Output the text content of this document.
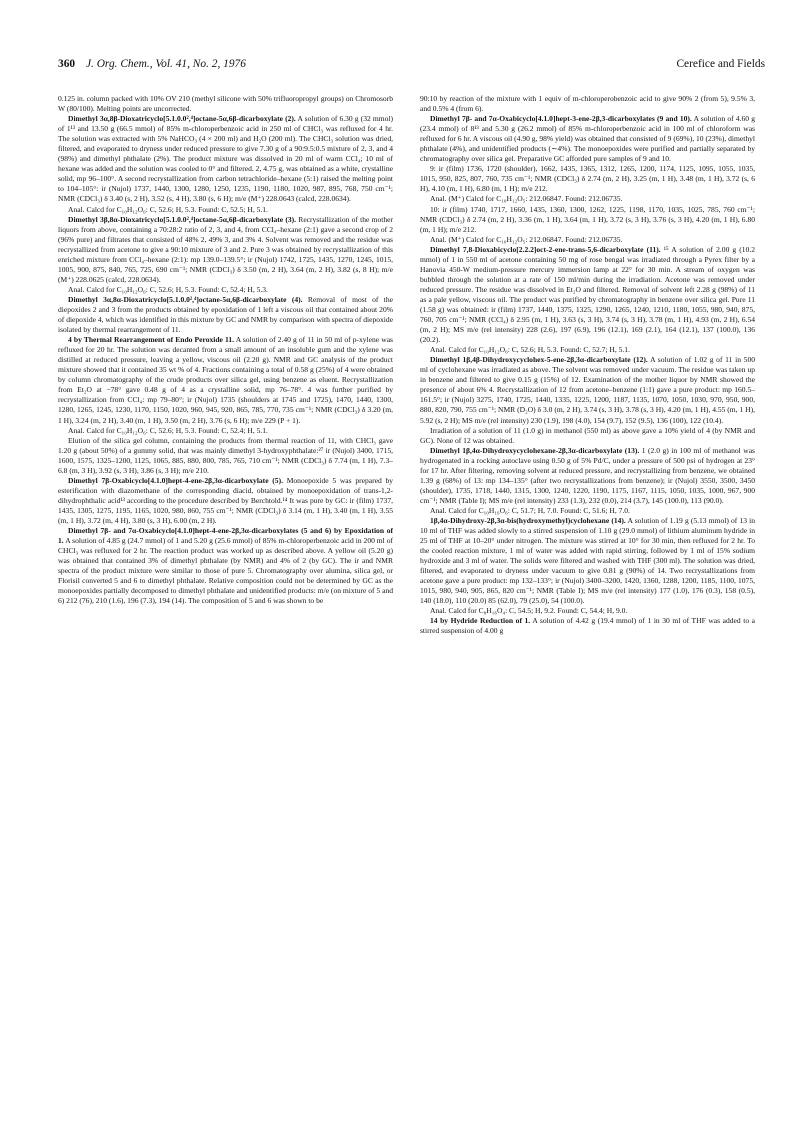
360 J. Org. Chem., Vol. 41, No. 2, 1976	Cerefice and Fields

0.125 in. column packed with 10% OV 210 (methyl silicone with 50% trifluoropropyl groups) on Chromosorb W (80/100). Melting points are uncorrected.

Dimethyl 3α,8β-Dioxatricyclo[5.1.0.0²,⁴]octane-5α,6β-dicarboxylate (2). A solution of 6.30 g (32 mmol) of 1¹³ and 13.50 g (66.5 mmol) of 85% m-chloroperbenzoic acid in 250 ml of CHCl₃ was refluxed for 4 hr. The solution was extracted with 5% NaHCO₃ (4 × 200 ml) and H₂O (200 ml). The CHCl₃ solution was dried, filtered, and evaporated to dryness under reduced pressure to give 7.30 g of a 90:9.5:0.5 mixture of 2, 3, and 4 (98%) and dimethyl phthalate (2%). The product mixture was dissolved in 20 ml of warm CCl₄; 10 ml of hexane was added and the solution was cooled to 0° and filtered. 2, 4.75 g, was obtained as a white, crystalline solid, mp 96–100°. A second recrystallization from carbon tetrachloride–hexane (5:1) raised the melting point to 104–105°: ir (Nujol) 1737, 1440, 1300, 1280, 1250, 1235, 1190, 1180, 1020, 987, 895, 768, 750 cm⁻¹; NMR (CDCl₃) δ 3.40 (s, 2 H), 3.52 (s, 4 H), 3.80 (s, 6 H); m/e (M⁺) 228.0643 (calcd, 228.0634).

Anal. Calcd for C₁₀H₁₂O₆: C, 52.6; H, 5.3. Found: C, 52.5; H, 5.1.

Dimethyl 3β,8α-Dioxatricyclo[5.1.0.0²,⁴]octane-5α,6β-dicarboxylate (3). Recrystallization of the mother liquors from above, containing a 70:28:2 ratio of 2, 3, and 4, from CCl₄–hexane (2:1) gave a second crop of 2 (96% pure) and filtrates that consisted of 48% 2, 49% 3, and 3% 4. Solvent was removed and the residue was recrystallized from acetone to give a 90:10 mixture of 3 and 2. Pure 3 was obtained by recrystallization of this enriched mixture from CCl₄–hexane (2:1): mp 139.0–139.5°; ir (Nujol) 1742, 1725, 1435, 1270, 1245, 1015, 1005, 900, 875, 840, 765, 725, 690 cm⁻¹; NMR (CDCl₃) δ 3.50 (m, 2 H), 3.64 (m, 2 H), 3.82 (s, 8 H); m/e (M⁺) 228.0625 (calcd, 228.0634).

Anal. Calcd for C₁₀H₁₂O₆: C, 52.6; H, 5.3. Found: C, 52.4; H, 5.3.

Dimethyl 3α,8α-Dioxatricyclo[5.1.0.0²,⁴]octane-5α,6β-dicarboxylate (4). Removal of most of the diepoxides 2 and 3 from the products obtained by epoxidation of 1 left a viscous oil that contained about 20% of diepoxide 4, which was identified in this mixture by GC and NMR by comparison with spectra of diepoxide isolated by thermal rearrangement of 11.

4 by Thermal Rearrangement of Endo Peroxide 11. A solution of 2.40 g of 11 in 50 ml of p-xylene was refluxed for 20 hr. The solution was decanted from a small amount of an insoluble gum and the xylene was distilled at reduced pressure, leaving a yellow, viscous oil (2.20 g). NMR and GC analysis of the product mixture showed that it contained 35 wt % of 4. Fractions containing a total of 0.58 g (25%) of 4 were obtained by column chromatography of the crude products over silica gel, using benzene as eluent. Recrystallization from Et₂O at −78° gave 0.48 g of 4 as a crystalline solid, mp 76–78°. 4 was further purified by recrystallization from CCl₄: mp 79–80°; ir (Nujol) 1735 (shoulders at 1745 and 1725), 1470, 1440, 1300, 1280, 1265, 1245, 1230, 1170, 1150, 1020, 960, 945, 920, 865, 785, 770, 735 cm⁻¹; NMR (CDCl₃) δ 3.20 (m, 1 H), 3.24 (m, 2 H), 3.40 (m, 1 H), 3.50 (m, 2 H), 3.76 (s, 6 H); m/e 229 (P + 1).

Anal. Calcd for C₁₀H₁₂O₆: C, 52.6; H, 5.3. Found: C, 52.4; H, 5.1.

Elution of the silica gel column, containing the products from thermal reaction of 11, with CHCl₃ gave 1.20 g (about 50%) of a gummy solid, that was mainly dimethyl 3-hydroxyphthalate:²⁷ ir (Nujol) 3400, 1715, 1600, 1575, 1325–1200, 1125, 1065, 885, 880, 800, 785, 765, 710 cm⁻¹; NMR (CDCl₃) δ 7.74 (m, 1 H), 7.3–6.8 (m, 3 H), 3.92 (s, 3 H), 3.86 (s, 3 H); m/e 210.

Dimethyl 7β-Oxabicyclo[4.1.0]hept-4-ene-2β,3α-dicarboxylate (5). Monoepoxide 5 was prepared by esterification with diazomethane of the corresponding diacid, obtained by monoepoxidation of trans-1,2-dihydrophthalic acid¹³ according to the procedure described by Berchtold.¹⁴ It was pure by GC: ir (film) 1737, 1435, 1305, 1275, 1195, 1165, 1020, 980, 860, 755 cm⁻¹; NMR (CDCl₃) δ 3.14 (m, 1 H), 3.40 (m, 1 H), 3.55 (m, 1 H), 3.72 (m, 4 H), 3.80 (s, 3 H), 6.00 (m, 2 H).

Dimethyl 7β- and 7α-Oxabicyclo[4.1.0]hept-4-ene-2β,3α-dicarboxylates (5 and 6) by Epoxidation of 1. A solution of 4.85 g (24.7 mmol) of 1 and 5.20 g (25.6 mmol) of 85% m-chloroperbenzoic acid in 200 ml of CHCl₃ was refluxed for 2 hr. The reaction product was worked up as described above. A yellow oil (5.20 g) was obtained that contained 3% of dimethyl phthalate (by NMR) and 4% of 2 (by GC). The ir and NMR spectra of the product mixture were similar to those of pure 5. Chromatography over alumina, silica gel, or Florisil converted 5 and 6 to dimethyl phthalate. Relative composition could not be determined by GC as the monoepoxides partially decomposed to dimethyl phthalate and unidentified products: m/e (on mixture of 5 and 6) 212 (76), 210 (1.6), 196 (7.3), 194 (14). The composition of 5 and 6 was shown to be

90:10 by reaction of the mixture with 1 equiv of m-chloroperobenzoic acid to give 90% 2 (from 5), 9.5% 3, and 0.5% 4 (from 6).

Dimethyl 7β- and 7α-Oxabicyclo[4.1.0]hept-3-ene-2β,3-dicarboxylates (9 and 10). A solution of 4.60 g (23.4 mmol) of 8¹³ and 5.30 g (26.2 mmol) of 85% m-chloroperbenzoic acid in 100 ml of chloroform was refluxed for 6 hr. A viscous oil (4.90 g, 98% yield) was obtained that consisted of 9 (69%), 10 (23%), dimethyl phthalate (4%), and unidentified products (∼4%). The monoepoxides were purified and partially separated by chromatography over silica gel. Preparative GC afforded pure samples of 9 and 10.

9: ir (film) 1736, 1720 (shoulder), 1662, 1435, 1365, 1312, 1265, 1200, 1174, 1125, 1095, 1055, 1035, 1015, 950, 825, 807, 760, 735 cm⁻¹; NMR (CDCl₃) δ 2.74 (m, 2 H), 3.25 (m, 1 H), 3.48 (m, 1 H), 3.72 (s, 6 H), 4.10 (m, 1 H), 6.80 (m, 1 H); m/e 212.

Anal. (M⁺) Calcd for C₁₀H₁₂O₅: 212.06847. Found: 212.06735.

10: ir (film) 1740, 1717, 1660, 1435, 1360, 1300, 1262, 1225, 1198, 1170, 1035, 1025, 785, 760 cm⁻¹; NMR (CDCl₃) δ 2.74 (m, 2 H), 3.36 (m, 1 H), 3.64 (m, 1 H), 3.72 (s, 3 H), 3.76 (s, 3 H), 4.20 (m, 1 H), 6.80 (m, 1 H); m/e 212.

Anal. (M⁺) Calcd for C₁₀H₁₂O₅: 212.06847. Found: 212.06735.

Dimethyl 7,8-Dioxabicyclo[2.2.2]oct-2-ene-trans-5,6-dicarboxylate (11). ¹⁵ A solution of 2.00 g (10.2 mmol) of 1 in 550 ml of acetone containing 50 mg of rose bengal was irradiated through a Pyrex filter by a Hanovia 450-W medium-pressure mercury immersion lamp at 22° for 30 min. A stream of oxygen was bubbled through the solution at a rate of 150 ml/min during the irradiation. Acetone was removed under reduced pressure. The residue was dissolved in Et₂O and filtered. Removal of solvent left 2.28 g (98%) of 11 as a pale yellow, viscous oil. The product was purified by chromatography in benzene over silica gel. Pure 11 (1.58 g) was obtained: ir (film) 1737, 1440, 1375, 1325, 1290, 1265, 1240, 1210, 1180, 1055, 980, 940, 875, 760, 705 cm⁻¹; NMR (CCl₄) δ 2.95 (m, 1 H), 3.63 (s, 3 H), 3.74 (s, 3 H), 3.78 (m, 1 H), 4.93 (m, 2 H), 6.54 (m, 2 H); MS m/e (rel intensity) 228 (2.6), 197 (6.9), 196 (12.1), 169 (2.1), 164 (12.1), 137 (100.0), 136 (20.2).

Anal. Calcd for C₁₀H₁₂O₆: C, 52.6; H, 5.3. Found: C, 52.7; H, 5.1.

Dimethyl 1β,4β-Dihydroxycyclohex-5-ene-2β,3α-dicarboxylate (12). A solution of 1.02 g of 11 in 500 ml of cyclohexane was irradiated as above. The solvent was removed under vacuum. The residue was taken up in benzene and filtered to give 0.15 g (15%) of 12. Examination of the mother liquor by NMR showed the presence of about 6% 4. Recrystallization of 12 from acetone–benzene (1:1) gave a pure product: mp 160.5–161.5°; ir (Nujol) 3275, 1740, 1725, 1440, 1335, 1225, 1200, 1187, 1135, 1070, 1050, 1030, 970, 950, 900, 880, 820, 790, 755 cm⁻¹; NMR (D₂O) δ 3.0 (m, 2 H), 3.74 (s, 3 H), 3.78 (s, 3 H), 4.20 (m, 1 H), 4.55 (m, 1 H), 5.92 (s, 2 H); MS m/e (rel intensity) 230 (1.9), 198 (4.0), 154 (9.7), 152 (9.5), 136 (100), 122 (10.4).

Irradiation of a solution of 11 (1.0 g) in methanol (550 ml) as above gave a 10% yield of 4 (by NMR and GC). None of 12 was obtained.

Dimethyl 1β,4α-Dihydroxycyclohexane-2β,3α-dicarboxylate (13). 1 (2.0 g) in 100 ml of methanol was hydrogenated in a rocking autoclave using 0.50 g of 5% Pd/C, under a pressure of 500 psi of hydrogen at 23° for 17 hr. After filtering, removing solvent at reduced pressure, and recrystallizing from benzene, we obtained 1.39 g (68%) of 13: mp 134–135° (after two recrystallizations from benzene); ir (Nujol) 3550, 3500, 3450 (shoulder), 1735, 1718, 1440, 1315, 1300, 1240, 1220, 1190, 1175, 1167, 1115, 1050, 1035, 1000, 967, 900 cm⁻¹; NMR (Table I); MS m/e (rel intensity) 233 (1.3), 232 (0.0), 214 (3.7), 145 (100.0), 113 (90.0).

Anal. Calcd for C₁₀H₁₆O₆: C, 51.7; H, 7.0. Found: C, 51.6; H, 7.0.

1β,4α-Dihydroxy-2β,3α-bis(hydroxymethyl)cyclohexane (14). A solution of 1.19 g (5.13 mmol) of 13 in 10 ml of THF was added slowly to a stirred suspension of 1.10 g (29.0 mmol) of lithium aluminum hydride in 25 ml of THF at 10–20° under nitrogen. The mixture was stirred at 10° for 30 min, then refluxed for 2 hr. To the cooled reaction mixture, 1 ml of water was added with rapid stirring, followed by 1 ml of 15% sodium hydroxide and 3 ml of water. The solids were filtered and washed with THF (300 ml). The solution was dried, filtered, and evaporated to dryness under vacuum to give 0.81 g (90%) of 14. Two recrystallizations from acetone gave a pure product: mp 132–133°; ir (Nujol) 3400–3200, 1420, 1360, 1288, 1200, 1185, 1100, 1075, 1015, 980, 940, 905, 865, 820 cm⁻¹; NMR (Table I); MS m/e (rel intensity) 177 (1.0), 176 (0.3), 158 (0.5), 140 (18.0), 110 (20.0) 85 (62.0), 79 (25.0), 54 (100.0).

Anal. Calcd for C₈H₁₆O₄: C, 54.5; H, 9.2. Found: C, 54.4; H, 9.0.

14 by Hydride Reduction of 1. A solution of 4.42 g (19.4 mmol) of 1 in 30 ml of THF was added to a stirred suspension of 4.00 g
